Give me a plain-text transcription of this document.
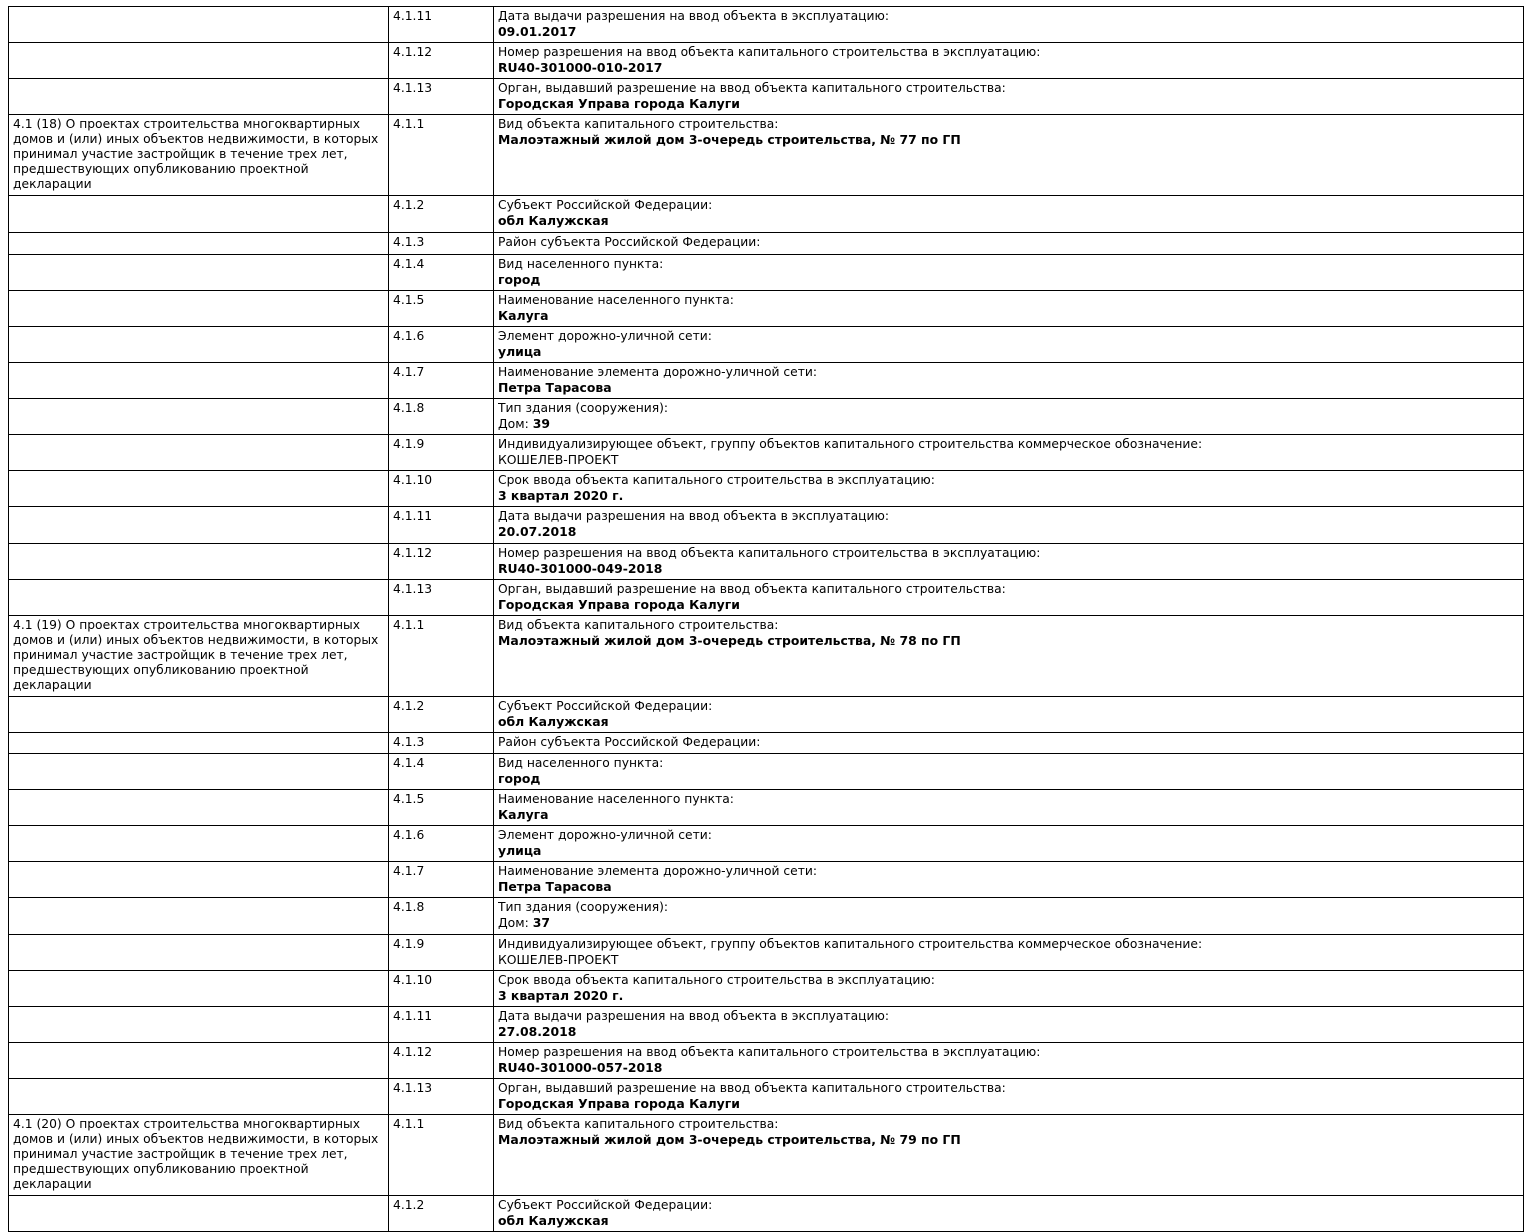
	4.1.11	Дата выдачи разрешения на ввод объекта в эксплуатацию:
09.01.2017

	4.1.12	Номер разрешения на ввод объекта капитального строительства в эксплуатацию:
RU40-301000-010-2017

	4.1.13	Орган, выдавший разрешение на ввод объекта капитального строительства:
Городская Управа города Калуги

4.1 (18) О проектах строительства многоквартирных домов и (или) иных объектов недвижимости, в которых принимал участие застройщик в течение трех лет, предшествующих опубликованию проектной декларации	4.1.1	Вид объекта капитального строительства:
Малоэтажный жилой дом 3-очередь строительства, № 77 по ГП

	4.1.2	Субъект Российской Федерации:
обл Калужская

	4.1.3	Район субъекта Российской Федерации:

	4.1.4	Вид населенного пункта:
город

	4.1.5	Наименование населенного пункта:
Калуга

	4.1.6	Элемент дорожно-уличной сети:
улица

	4.1.7	Наименование элемента дорожно-уличной сети:
Петра Тарасова

	4.1.8	Тип здания (сооружения):
Дом: 39

	4.1.9	Индивидуализирующее объект, группу объектов капитального строительства коммерческое обозначение:
КОШЕЛЕВ-ПРОЕКТ

	4.1.10	Срок ввода объекта капитального строительства в эксплуатацию:
3 квартал 2020 г.

	4.1.11	Дата выдачи разрешения на ввод объекта в эксплуатацию:
20.07.2018

	4.1.12	Номер разрешения на ввод объекта капитального строительства в эксплуатацию:
RU40-301000-049-2018

	4.1.13	Орган, выдавший разрешение на ввод объекта капитального строительства:
Городская Управа города Калуги

4.1 (19) О проектах строительства многоквартирных домов и (или) иных объектов недвижимости, в которых принимал участие застройщик в течение трех лет, предшествующих опубликованию проектной декларации	4.1.1	Вид объекта капитального строительства:
Малоэтажный жилой дом 3-очередь строительства, № 78 по ГП

	4.1.2	Субъект Российской Федерации:
обл Калужская

	4.1.3	Район субъекта Российской Федерации:

	4.1.4	Вид населенного пункта:
город

	4.1.5	Наименование населенного пункта:
Калуга

	4.1.6	Элемент дорожно-уличной сети:
улица

	4.1.7	Наименование элемента дорожно-уличной сети:
Петра Тарасова

	4.1.8	Тип здания (сооружения):
Дом: 37

	4.1.9	Индивидуализирующее объект, группу объектов капитального строительства коммерческое обозначение:
КОШЕЛЕВ-ПРОЕКТ

	4.1.10	Срок ввода объекта капитального строительства в эксплуатацию:
3 квартал 2020 г.

	4.1.11	Дата выдачи разрешения на ввод объекта в эксплуатацию:
27.08.2018

	4.1.12	Номер разрешения на ввод объекта капитального строительства в эксплуатацию:
RU40-301000-057-2018

	4.1.13	Орган, выдавший разрешение на ввод объекта капитального строительства:
Городская Управа города Калуги

4.1 (20) О проектах строительства многоквартирных домов и (или) иных объектов недвижимости, в которых принимал участие застройщик в течение трех лет, предшествующих опубликованию проектной декларации	4.1.1	Вид объекта капитального строительства:
Малоэтажный жилой дом 3-очередь строительства, № 79 по ГП

	4.1.2	Субъект Российской Федерации:
обл Калужская
